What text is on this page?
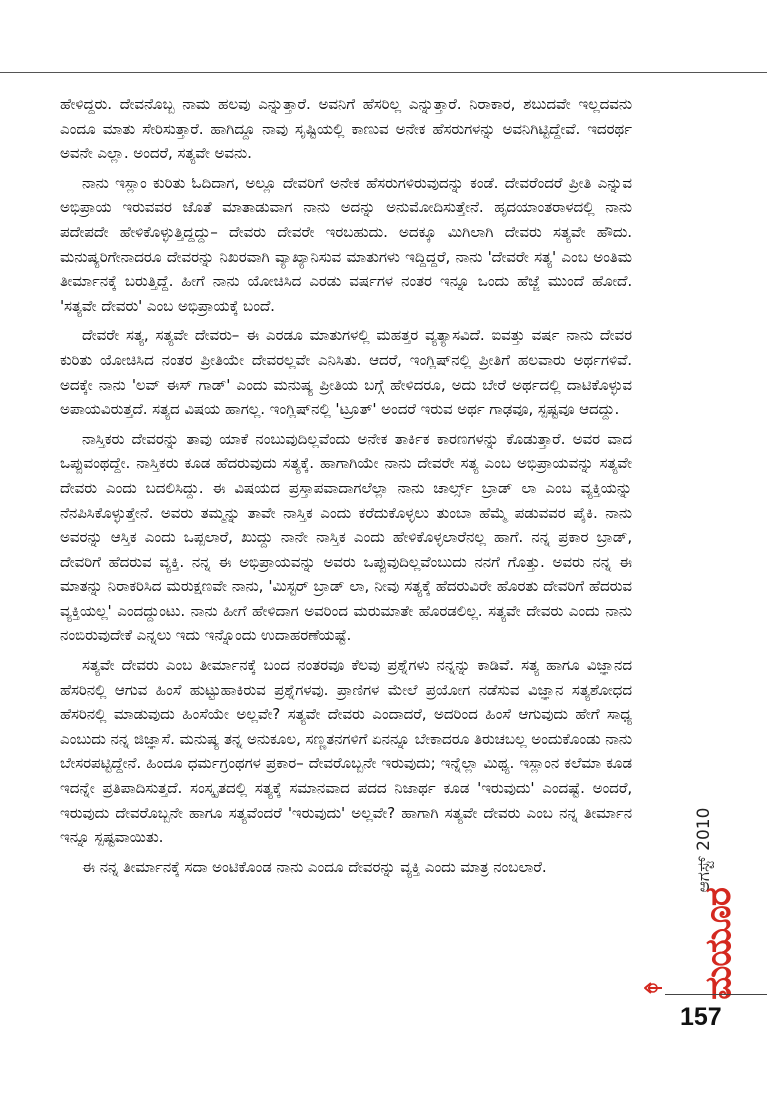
ಹೇಳಿದ್ದರು. ದೇವನೊಬ್ಬ ನಾಮ ಹಲವು ಎನ್ನುತ್ತಾರೆ. ಅವನಿಗೆ ಹೆಸರಿಲ್ಲ ಎನ್ನುತ್ತಾರೆ. ನಿರಾಕಾರ, ಶಬುದವೇ ಇಲ್ಲದವನು ಎಂದೂ ಮಾತು ಸೇರಿಸುತ್ತಾರೆ. ಹಾಗಿದ್ದೂ ನಾವು ಸೃಷ್ಟಿಯಲ್ಲಿ ಕಾಣುವ ಅನೇಕ ಹೆಸರುಗಳನ್ನು ಅವನಿಗಿಟ್ಟಿದ್ದೇವೆ. ಇದರರ್ಥ ಅವನೇ ಎಲ್ಲಾ. ಅಂದರೆ, ಸತ್ಯವೇ ಅವನು.

ನಾನು ಇಸ್ಲಾಂ ಕುರಿತು ಓದಿದಾಗ, ಅಲ್ಲೂ ದೇವರಿಗೆ ಅನೇಕ ಹೆಸರುಗಳಿರುವುದನ್ನು ಕಂಡೆ. ದೇವರೆಂದರೆ ಪ್ರೀತಿ ಎನ್ನುವ ಅಭಿಪ್ರಾಯ ಇರುವವರ ಜೊತೆ ಮಾತಾಡುವಾಗ ನಾನು ಅದನ್ನು ಅನುಮೋದಿಸುತ್ತೇನೆ. ಹೃದಯಾಂತರಾಳದಲ್ಲಿ ನಾನು ಪದೇಪದೇ ಹೇಳಿಕೊಳ್ಳುತ್ತಿದ್ದದ್ದು– ದೇವರು ದೇವರೇ ಇರಬಹುದು. ಅದಕ್ಕೂ ಮಿಗಿಲಾಗಿ ದೇವರು ಸತ್ಯವೇ ಹೌದು. ಮನುಷ್ಯರಿಗೇನಾದರೂ ದೇವರನ್ನು ನಿಖರವಾಗಿ ವ್ಯಾಖ್ಯಾನಿಸುವ ಮಾತುಗಳು ಇದ್ದಿದ್ದರೆ, ನಾನು 'ದೇವರೇ ಸತ್ಯ' ಎಂಬ ಅಂತಿಮ ತೀರ್ಮಾನಕ್ಕೆ ಬರುತ್ತಿದ್ದೆ. ಹೀಗೆ ನಾನು ಯೋಚಿಸಿದ ಎರಡು ವರ್ಷಗಳ ನಂತರ ಇನ್ನೂ ಒಂದು ಹೆಜ್ಜೆ ಮುಂದೆ ಹೋದೆ. 'ಸತ್ಯವೇ ದೇವರು' ಎಂಬ ಅಭಿಪ್ರಾಯಕ್ಕೆ ಬಂದೆ.

ದೇವರೇ ಸತ್ಯ, ಸತ್ಯವೇ ದೇವರು– ಈ ಎರಡೂ ಮಾತುಗಳಲ್ಲಿ ಮಹತ್ತರ ವ್ಯತ್ಯಾಸವಿದೆ. ಐವತ್ತು ವರ್ಷ ನಾನು ದೇವರ ಕುರಿತು ಯೋಚಿಸಿದ ನಂತರ ಪ್ರೀತಿಯೇ ದೇವರಲ್ಲವೇ ಎನಿಸಿತು. ಆದರೆ, ಇಂಗ್ಲಿಷ್‌ನಲ್ಲಿ ಪ್ರೀತಿಗೆ ಹಲವಾರು ಅರ್ಥಗಳಿವೆ. ಅದಕ್ಕೇ ನಾನು 'ಲವ್ ಈಸ್ ಗಾಡ್' ಎಂದು ಮನುಷ್ಯ ಪ್ರೀತಿಯ ಬಗ್ಗೆ ಹೇಳಿದರೂ, ಅದು ಬೇರೆ ಅರ್ಥದಲ್ಲಿ ದಾಟಿಕೊಳ್ಳುವ ಅಪಾಯವಿರುತ್ತದೆ. ಸತ್ಯದ ವಿಷಯ ಹಾಗಲ್ಲ. ಇಂಗ್ಲಿಷ್‌ನಲ್ಲಿ 'ಟ್ರೂತ್' ಅಂದರೆ ಇರುವ ಅರ್ಥ ಗಾಢವೂ, ಸ್ಪಷ್ಟವೂ ಆದದ್ದು.

ನಾಸ್ತಿಕರು ದೇವರನ್ನು ತಾವು ಯಾಕೆ ನಂಬುವುದಿಲ್ಲವೆಂದು ಅನೇಕ ತಾರ್ಕಿಕ ಕಾರಣಗಳನ್ನು ಕೊಡುತ್ತಾರೆ. ಅವರ ವಾದ ಒಪ್ಪುವಂಥದ್ದೇ. ನಾಸ್ತಿಕರು ಕೂಡ ಹೆದರುವುದು ಸತ್ಯಕ್ಕೆ. ಹಾಗಾಗಿಯೇ ನಾನು ದೇವರೇ ಸತ್ಯ ಎಂಬ ಅಭಿಪ್ರಾಯವನ್ನು ಸತ್ಯವೇ ದೇವರು ಎಂದು ಬದಲಿಸಿದ್ದು. ಈ ವಿಷಯದ ಪ್ರಸ್ತಾಪವಾದಾಗಲೆಲ್ಲಾ ನಾನು ಚಾರ್ಲ್ಸ್ ಬ್ರಾಡ್ ಲಾ ಎಂಬ ವ್ಯಕ್ತಿಯನ್ನು ನೆನಪಿಸಿಕೊಳ್ಳುತ್ತೇನೆ. ಅವರು ತಮ್ಮನ್ನು ತಾವೇ ನಾಸ್ತಿಕ ಎಂದು ಕರೆದುಕೊಳ್ಳಲು ತುಂಬಾ ಹೆಮ್ಮೆ ಪಡುವವರ ಪೈಕಿ. ನಾನು ಅವರನ್ನು ಆಸ್ತಿಕ ಎಂದು ಒಪ್ಪಲಾರೆ, ಖುದ್ದು ನಾನೇ ನಾಸ್ತಿಕ ಎಂದು ಹೇಳಿಕೊಳ್ಳಲಾರೆನಲ್ಲ ಹಾಗೆ. ನನ್ನ ಪ್ರಕಾರ ಬ್ರಾಡ್, ದೇವರಿಗೆ ಹೆದರುವ ವ್ಯಕ್ತಿ. ನನ್ನ ಈ ಅಭಿಪ್ರಾಯವನ್ನು ಅವರು ಒಪ್ಪುವುದಿಲ್ಲವೆಂಬುದು ನನಗೆ ಗೊತ್ತು. ಅವರು ನನ್ನ ಈ ಮಾತನ್ನು ನಿರಾಕರಿಸಿದ ಮರುಕ್ಷಣವೇ ನಾನು, 'ಮಿಸ್ಟರ್ ಬ್ರಾಡ್ ಲಾ, ನೀವು ಸತ್ಯಕ್ಕೆ ಹೆದರುವಿರೇ ಹೊರತು ದೇವರಿಗೆ ಹೆದರುವ ವ್ಯಕ್ತಿಯಲ್ಲ' ಎಂದದ್ದುಂಟು. ನಾನು ಹೀಗೆ ಹೇಳಿದಾಗ ಅವರಿಂದ ಮರುಮಾತೇ ಹೊರಡಲಿಲ್ಲ. ಸತ್ಯವೇ ದೇವರು ಎಂದು ನಾನು ನಂಬಿರುವುದೇಕೆ ಎನ್ನಲು ಇದು ಇನ್ನೊಂದು ಉದಾಹರಣೆಯಷ್ಟೆ.

ಸತ್ಯವೇ ದೇವರು ಎಂಬ ತೀರ್ಮಾನಕ್ಕೆ ಬಂದ ನಂತರವೂ ಕೆಲವು ಪ್ರಶ್ನೆಗಳು ನನ್ನನ್ನು ಕಾಡಿವೆ. ಸತ್ಯ ಹಾಗೂ ವಿಜ್ಞಾನದ ಹೆಸರಿನಲ್ಲಿ ಆಗುವ ಹಿಂಸೆ ಹುಟ್ಟುಹಾಕಿರುವ ಪ್ರಶ್ನೆಗಳವು. ಪ್ರಾಣಿಗಳ ಮೇಲೆ ಪ್ರಯೋಗ ನಡೆಸುವ ವಿಜ್ಞಾನ ಸತ್ಯಶೋಧದ ಹೆಸರಿನಲ್ಲಿ ಮಾಡುವುದು ಹಿಂಸೆಯೇ ಅಲ್ಲವೇ? ಸತ್ಯವೇ ದೇವರು ಎಂದಾದರೆ, ಅದರಿಂದ ಹಿಂಸೆ ಆಗುವುದು ಹೇಗೆ ಸಾಧ್ಯ ಎಂಬುದು ನನ್ನ ಜಿಜ್ಞಾಸೆ. ಮನುಷ್ಯ ತನ್ನ ಅನುಕೂಲ, ಸಣ್ಣತನಗಳಿಗೆ ಏನನ್ನೂ ಬೇಕಾದರೂ ತಿರುಚಬಲ್ಲ ಅಂದುಕೊಂಡು ನಾನು ಬೇಸರಪಟ್ಟಿದ್ದೇನೆ. ಹಿಂದೂ ಧರ್ಮಗ್ರಂಥಗಳ ಪ್ರಕಾರ– ದೇವರೊಬ್ಬನೇ ಇರುವುದು; ಇನ್ನೆಲ್ಲಾ ಮಿಥ್ಯ. ಇಸ್ಲಾಂನ ಕಲೆಮಾ ಕೂಡ ಇದನ್ನೇ ಪ್ರತಿಪಾದಿಸುತ್ತದೆ. ಸಂಸ್ಕೃತದಲ್ಲಿ ಸತ್ಯಕ್ಕೆ ಸಮಾನವಾದ ಪದದ ನಿಜಾರ್ಥ ಕೂಡ 'ಇರುವುದು' ಎಂದಷ್ಟೆ. ಅಂದರೆ, ಇರುವುದು ದೇವರೊಬ್ಬನೇ ಹಾಗೂ ಸತ್ಯವೆಂದರೆ 'ಇರುವುದು' ಅಲ್ಲವೇ? ಹಾಗಾಗಿ ಸತ್ಯವೇ ದೇವರು ಎಂಬ ನನ್ನ ತೀರ್ಮಾನ ಇನ್ನೂ ಸ್ಪಷ್ಟವಾಯಿತು.

ಈ ನನ್ನ ತೀರ್ಮಾನಕ್ಕೆ ಸದಾ ಅಂಟಿಕೊಂಡ ನಾನು ಎಂದೂ ದೇವರನ್ನು ವ್ಯಕ್ತಿ ಎಂದು ಮಾತ್ರ ನಂಬಲಾರೆ.	ಆಗಸ್ಟ್ 2010
ಮಯೂರ
157
